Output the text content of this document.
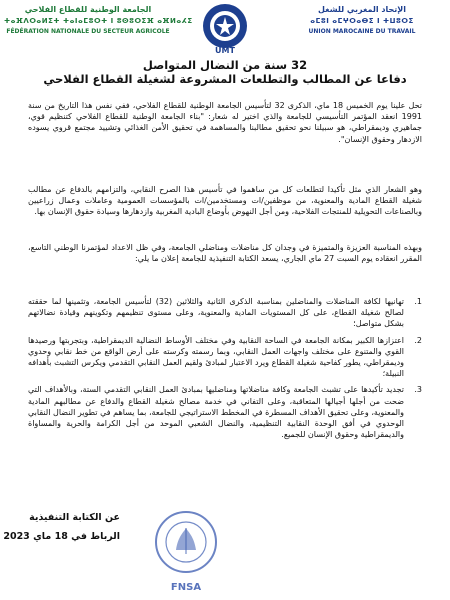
الجامعة الوطنية للقطاع الفلاحي
ⵜⴰⴼⴷⵔⴰⵍⵉⵜ ⵜⴰⵏⴰⵎⵓⵔⵜ ⵏ ⵓⵙⵓⵔⵉⴼ ⴰⴼⵍⴰⵃⵉ
FÉDÉRATION NATIONALE DU SECTEUR AGRICOLE
UMT
الإتحاد المغربي للشغل
ⴰⵎⵓⵏ ⴰⵎⵖⵔⴰⴱⵉ ⵏ ⵜⵡⵓⵔⵉ
UNION MAROCAINE DU TRAVAIL
32 سنة من النضال المتواصل
دفاعا عن المطالب والتطلعات المشروعة لشغيلة القطاع الفلاحي
تحل علينا يوم الخميس 18 ماي، الذكرى 32 لتأسيس الجامعة الوطنية للقطاع الفلاحي، ففي نفس هذا التاريخ من سنة 1991 انعقد المؤتمر التأسيسي للجامعة والذي اختير له شعار: "بناء الجامعة الوطنية للقطاع الفلاحي كتنظيم قوي، جماهيري وديمقراطي، هو سبيلنا نحو تحقيق مطالبنا والمساهمة في تحقيق الأمن الغذائي وتشييد مجتمع قروي يسوده الازدهار وحقوق الإنسان".
وهو الشعار الذي مثل تأكيدا لتطلعات كل من ساهموا في تأسيس هذا الصرح النقابي، والتزامهم بالدفاع عن مطالب شغيلة القطاع المادية والمعنوية، من موظفين/ات ومستخدمين/ات بالمؤسسات العمومية وعاملات وعمال زراعيين وبالصناعات التحويلية للمنتجات الفلاحية، ومن أجل النهوض بأوضاع البادية المغربية وازدهارها وسيادة حقوق الإنسان بها.
وبهذه المناسبة العزيزة والمتميزة في وجدان كل مناضلات ومناضلي الجامعة، وفي ظل الاعداد لمؤتمرنا الوطني التاسع، المقرر انعقاده يوم السبت 27 ماي الجاري، يسعد الكتابة التنفيذية للجامعة إعلان ما يلي:
1.
تهانيها لكافة المناضلات والمناضلين بمناسبة الذكرى الثانية والثلاثين (32) لتأسيس الجامعة، وتثمينها لما حققته لصالح شغيلة القطاع، على كل المستويات المادية والمعنوية، وعلى مستوى تنظيمهم وتكوينهم وقيادة نضالاتهم بشكل متواصل؛
2.
اعتزازها الكبير بمكانة الجامعة في الساحة النقابية وفي مختلف الأوساط النضالية الديمقراطية، وبتجربتها ورصيدها القوي والمتنوع على مختلف واجهات العمل النقابي، وبما رسمته وكرسته على أرض الواقع من خط نقابي وحدوي وديمقراطي، يطور كفاحية شغيلة القطاع ويرد الاعتبار لمبادئ ولقيم العمل النقابي التقدمي ويكرس التشبث بأهدافه النبيلة؛
3.
تجديد تأكيدها على تشبث الجامعة وكافة مناضلاتها ومناضليها بمبادئ العمل النقابي التقدمي الستة، وبالأهداف التي ضحت من أجلها أجيالها المتعاقبة، وعلى التفاني في خدمة مصالح شغيلة القطاع والدفاع عن مطالبهم المادية والمعنوية، وعلى تحقيق الأهداف المسطرة في المخطط الاستراتيجي للجامعة، بما يساهم في تطوير النضال النقابي الوحدوي في أفق الوحدة النقابية التنظيمية، والنضال الشعبي الموحد من أجل الكرامة والحرية والمساواة والديمقراطية وحقوق الإنسان للجميع.
FNSA
عن الكتابة التنفيذية
الرباط في 18 ماي 2023
